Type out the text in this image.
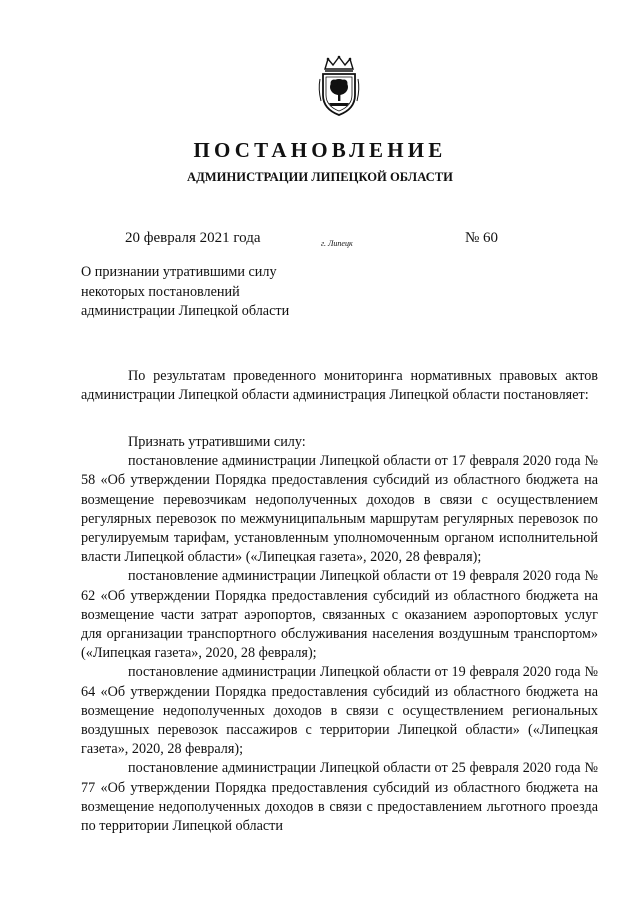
ПОСТАНОВЛЕНИЕ
АДМИНИСТРАЦИИ ЛИПЕЦКОЙ ОБЛАСТИ
20 февраля 2021 года	г. Липецк	№ 60
О признании утратившими силу
некоторых постановлений
администрации Липецкой области

По результатам проведенного мониторинга нормативных правовых актов администрации Липецкой области администрация Липецкой области постановляет:

Признать утратившими силу:

постановление администрации Липецкой области от 17 февраля 2020 года № 58 «Об утверждении Порядка предоставления субсидий из областного бюджета на возмещение перевозчикам недополученных доходов в связи с осуществлением регулярных перевозок по межмуниципальным маршрутам регулярных перевозок по регулируемым тарифам, установленным уполномоченным органом исполнительной власти Липецкой области» («Липецкая газета», 2020, 28 февраля);

постановление администрации Липецкой области от 19 февраля 2020 года № 62 «Об утверждении Порядка предоставления субсидий из областного бюджета на возмещение части затрат аэропортов, связанных с оказанием аэропортовых услуг для организации транспортного обслуживания населения воздушным транспортом» («Липецкая газета», 2020, 28 февраля);

постановление администрации Липецкой области от 19 февраля 2020 года № 64 «Об утверждении Порядка предоставления субсидий из областного бюджета на возмещение недополученных доходов в связи с осуществлением региональных воздушных перевозок пассажиров с территории Липецкой области» («Липецкая газета», 2020, 28 февраля);

постановление администрации Липецкой области от 25 февраля 2020 года № 77 «Об утверждении Порядка предоставления субсидий из областного бюджета на возмещение недополученных доходов в связи с предоставлением льготного проезда по территории Липецкой области
